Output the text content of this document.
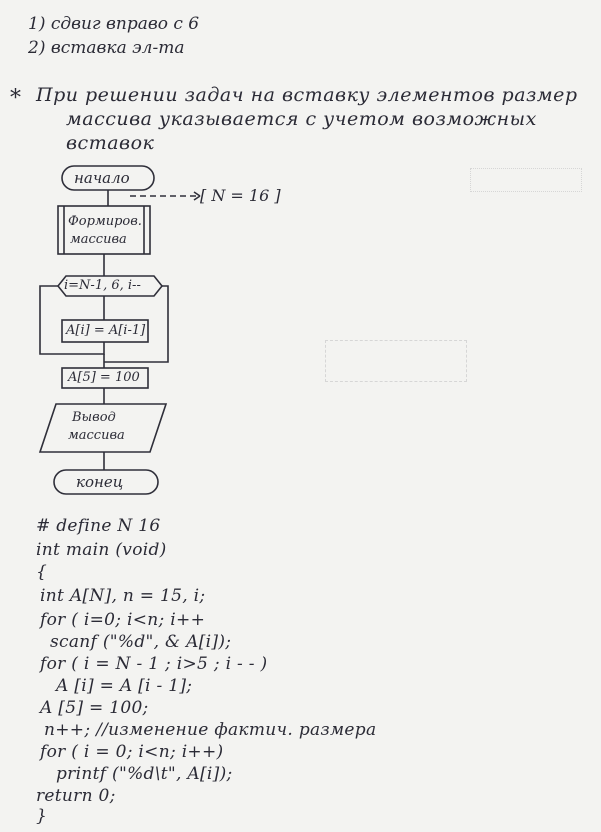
1) сдвиг вправо с 6
2) вставка эл-та
* При решении задач на вставку элементов размер
массива указывается с учетом возможных
вставок
начало
[ N = 16 ]
Формиров.
массива
i=N-1, 6, i--
A[i] = A[i-1]
A[5] = 100
Вывод
массива
конец
# define N 16
int main (void)
{
int A[N], n = 15, i;
for ( i=0; i<n; i++
scanf ("%d", & A[i]);
for ( i = N - 1 ; i>5 ; i - - )
A [i] = A [i - 1];
A [5] = 100;
n++; //изменение фактич. размера
for ( i = 0; i<n; i++)
printf ("%d\t", A[i]);
return 0;
}
